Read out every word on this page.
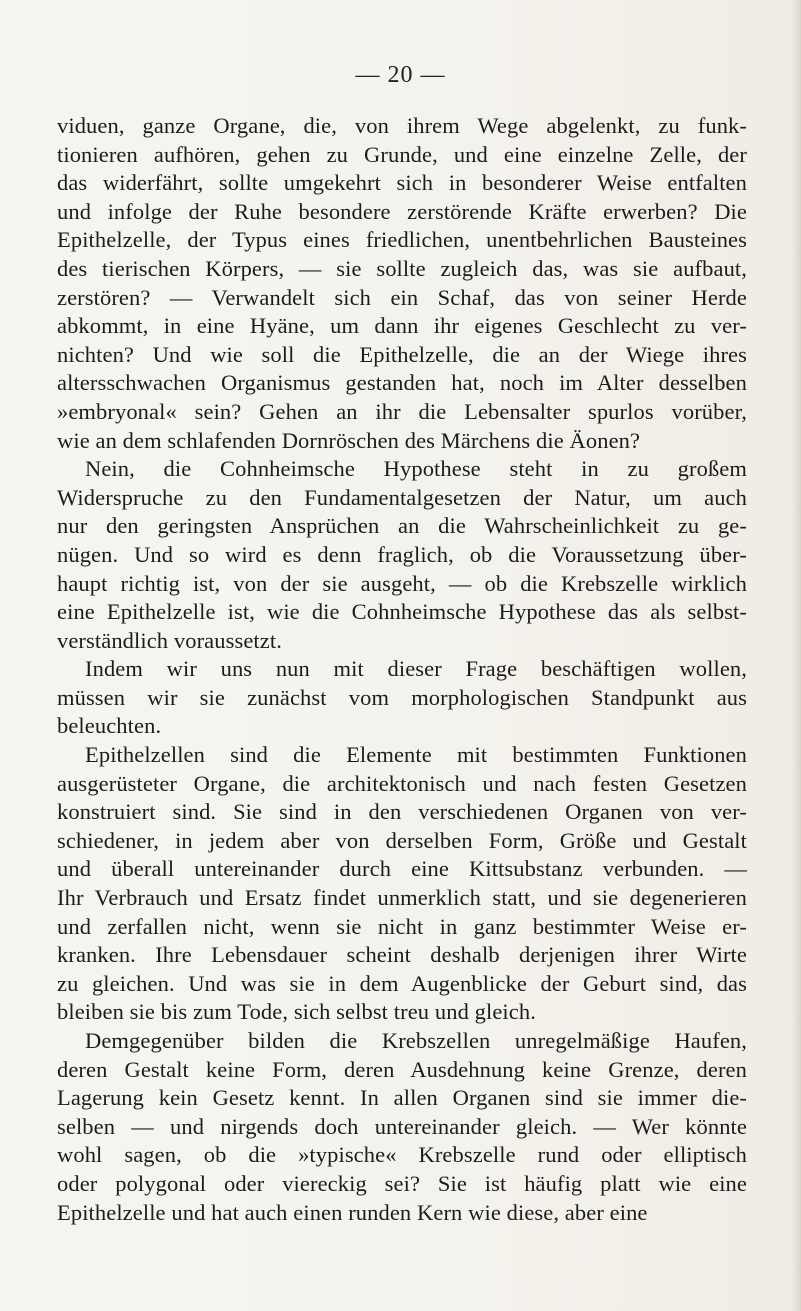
— 20 —
viduen, ganze Organe, die, von ihrem Wege abgelenkt, zu funk-
tionieren aufhören, gehen zu Grunde, und eine einzelne Zelle, der
das widerfährt, sollte umgekehrt sich in besonderer Weise entfalten
und infolge der Ruhe besondere zerstörende Kräfte erwerben? Die
Epithelzelle, der Typus eines friedlichen, unentbehrlichen Bausteines
des tierischen Körpers, — sie sollte zugleich das, was sie aufbaut,
zerstören? — Verwandelt sich ein Schaf, das von seiner Herde
abkommt, in eine Hyäne, um dann ihr eigenes Geschlecht zu ver-
nichten? Und wie soll die Epithelzelle, die an der Wiege ihres
altersschwachen Organismus gestanden hat, noch im Alter desselben
»embryonal« sein? Gehen an ihr die Lebensalter spurlos vorüber,
wie an dem schlafenden Dornröschen des Märchens die Äonen?
Nein, die Cohnheimsche Hypothese steht in zu großem
Widerspruche zu den Fundamentalgesetzen der Natur, um auch
nur den geringsten Ansprüchen an die Wahrscheinlichkeit zu ge-
nügen. Und so wird es denn fraglich, ob die Voraussetzung über-
haupt richtig ist, von der sie ausgeht, — ob die Krebszelle wirklich
eine Epithelzelle ist, wie die Cohnheimsche Hypothese das als selbst-
verständlich voraussetzt.
Indem wir uns nun mit dieser Frage beschäftigen wollen,
müssen wir sie zunächst vom morphologischen Standpunkt aus
beleuchten.
Epithelzellen sind die Elemente mit bestimmten Funktionen
ausgerüsteter Organe, die architektonisch und nach festen Gesetzen
konstruiert sind. Sie sind in den verschiedenen Organen von ver-
schiedener, in jedem aber von derselben Form, Größe und Gestalt
und überall untereinander durch eine Kittsubstanz verbunden. —
Ihr Verbrauch und Ersatz findet unmerklich statt, und sie degenerieren
und zerfallen nicht, wenn sie nicht in ganz bestimmter Weise er-
kranken. Ihre Lebensdauer scheint deshalb derjenigen ihrer Wirte
zu gleichen. Und was sie in dem Augenblicke der Geburt sind, das
bleiben sie bis zum Tode, sich selbst treu und gleich.
Demgegenüber bilden die Krebszellen unregelmäßige Haufen,
deren Gestalt keine Form, deren Ausdehnung keine Grenze, deren
Lagerung kein Gesetz kennt. In allen Organen sind sie immer die-
selben — und nirgends doch untereinander gleich. — Wer könnte
wohl sagen, ob die »typische« Krebszelle rund oder elliptisch
oder polygonal oder viereckig sei? Sie ist häufig platt wie eine
Epithelzelle und hat auch einen runden Kern wie diese, aber eine
